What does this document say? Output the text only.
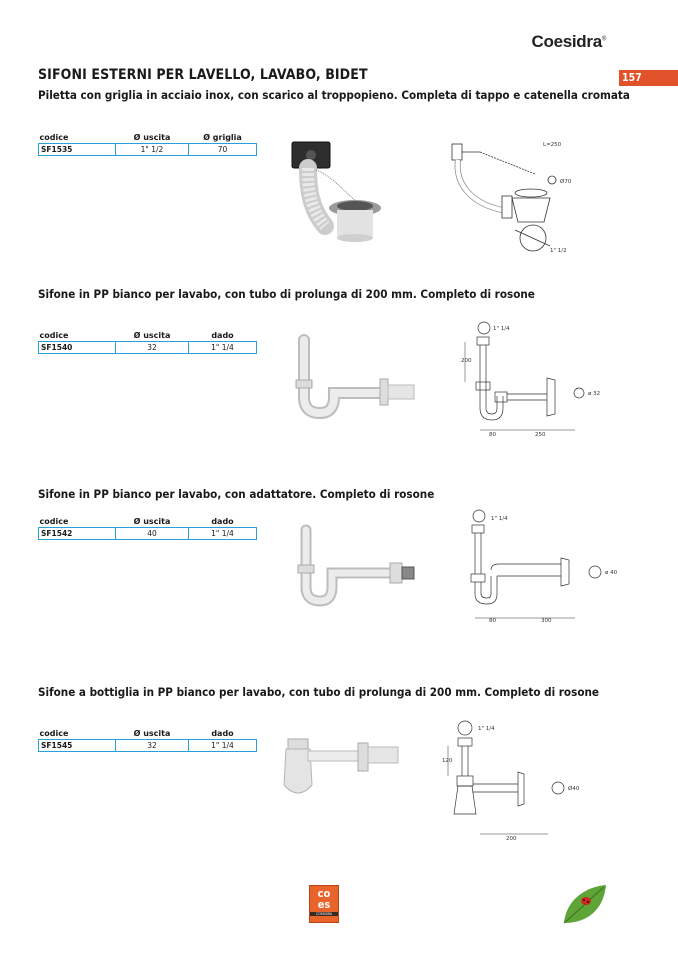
Coesidra®
157
SIFONI ESTERNI PER LAVELLO, LAVABO, BIDET
Piletta con griglia in acciaio inox, con scarico al troppopieno. Completa di tappo e catenella cromata
codice	Ø uscita	Ø griglia
SF1535	1" 1/2	70	L=250
Ø70
1" 1/2
Sifone in PP bianco per lavabo, con tubo di prolunga di 200 mm. Completo di rosone
codice	Ø uscita	dado
SF1540	32	1" 1/4
1" 1/4
200
ø 32
80	250
Sifone in PP bianco per lavabo, con adattatore. Completo di rosone
codice	Ø uscita	dado
SF1542	40	1" 1/4
1" 1/4
ø 40
80	300
Sifone a bottiglia in PP bianco per lavabo, con tubo di prolunga di 200 mm. Completo di rosone
codice	Ø uscita	dado
SF1545	32	1" 1/4
1" 1/4
120
Ø40
200
co
es
COESIDRA
